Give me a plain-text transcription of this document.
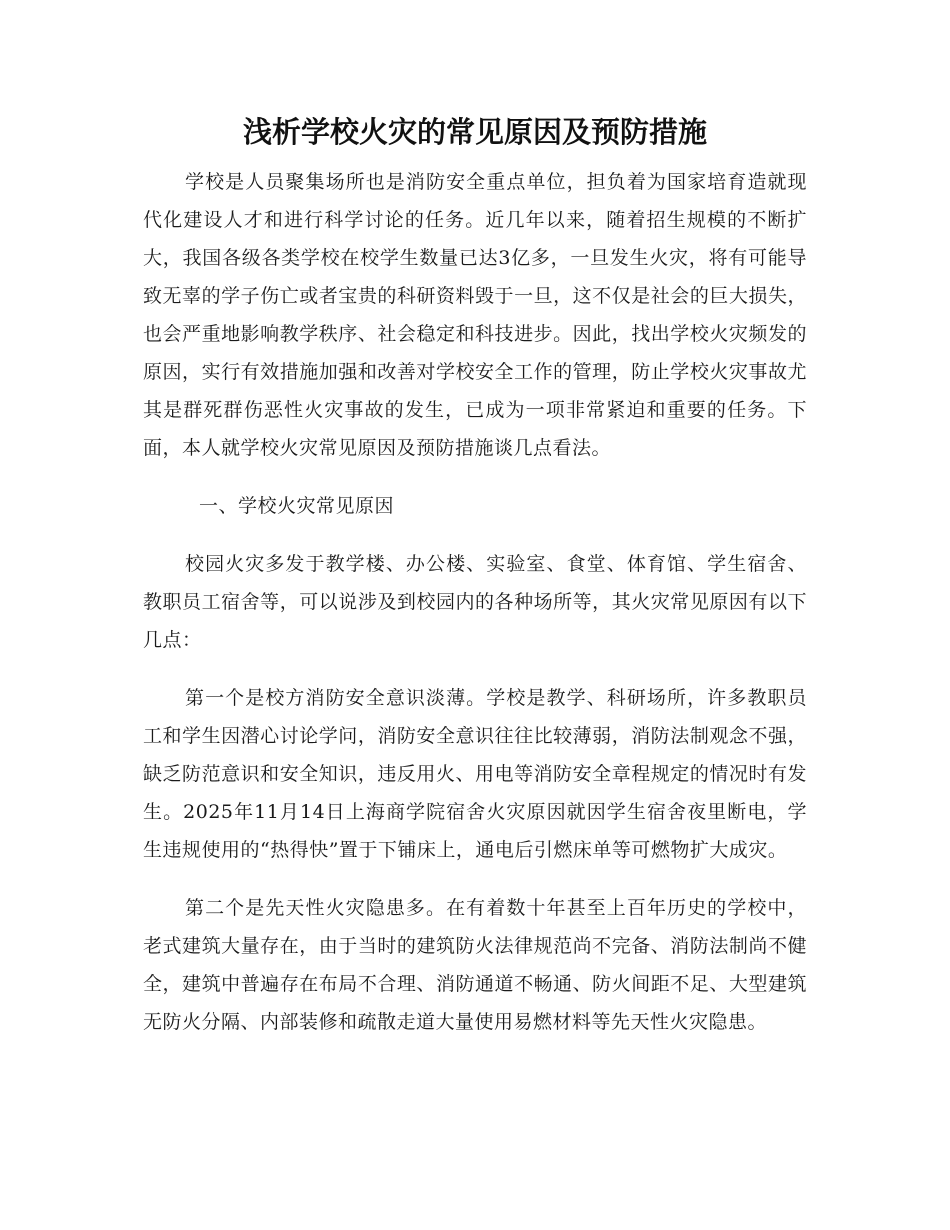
浅析学校火灾的常见原因及预防措施

学校是人员聚集场所也是消防安全重点单位，担负着为国家培育造就现代化建设人才和进行科学讨论的任务。近几年以来，随着招生规模的不断扩大，我国各级各类学校在校学生数量已达3亿多，一旦发生火灾，将有可能导致无辜的学子伤亡或者宝贵的科研资料毁于一旦，这不仅是社会的巨大损失，也会严重地影响教学秩序、社会稳定和科技进步。因此，找出学校火灾频发的原因，实行有效措施加强和改善对学校安全工作的管理，防止学校火灾事故尤其是群死群伤恶性火灾事故的发生，已成为一项非常紧迫和重要的任务。下面，本人就学校火灾常见原因及预防措施谈几点看法。

一、学校火灾常见原因

校园火灾多发于教学楼、办公楼、实验室、食堂、体育馆、学生宿舍、教职员工宿舍等，可以说涉及到校园内的各种场所等，其火灾常见原因有以下几点：

第一个是校方消防安全意识淡薄。学校是教学、科研场所，许多教职员工和学生因潜心讨论学问，消防安全意识往往比较薄弱，消防法制观念不强，缺乏防范意识和安全知识，违反用火、用电等消防安全章程规定的情况时有发生。2025年11月14日上海商学院宿舍火灾原因就因学生宿舍夜里断电，学生违规使用的“热得快”置于下铺床上，通电后引燃床单等可燃物扩大成灾。

第二个是先天性火灾隐患多。在有着数十年甚至上百年历史的学校中，老式建筑大量存在，由于当时的建筑防火法律规范尚不完备、消防法制尚不健全，建筑中普遍存在布局不合理、消防通道不畅通、防火间距不足、大型建筑无防火分隔、内部装修和疏散走道大量使用易燃材料等先天性火灾隐患。
